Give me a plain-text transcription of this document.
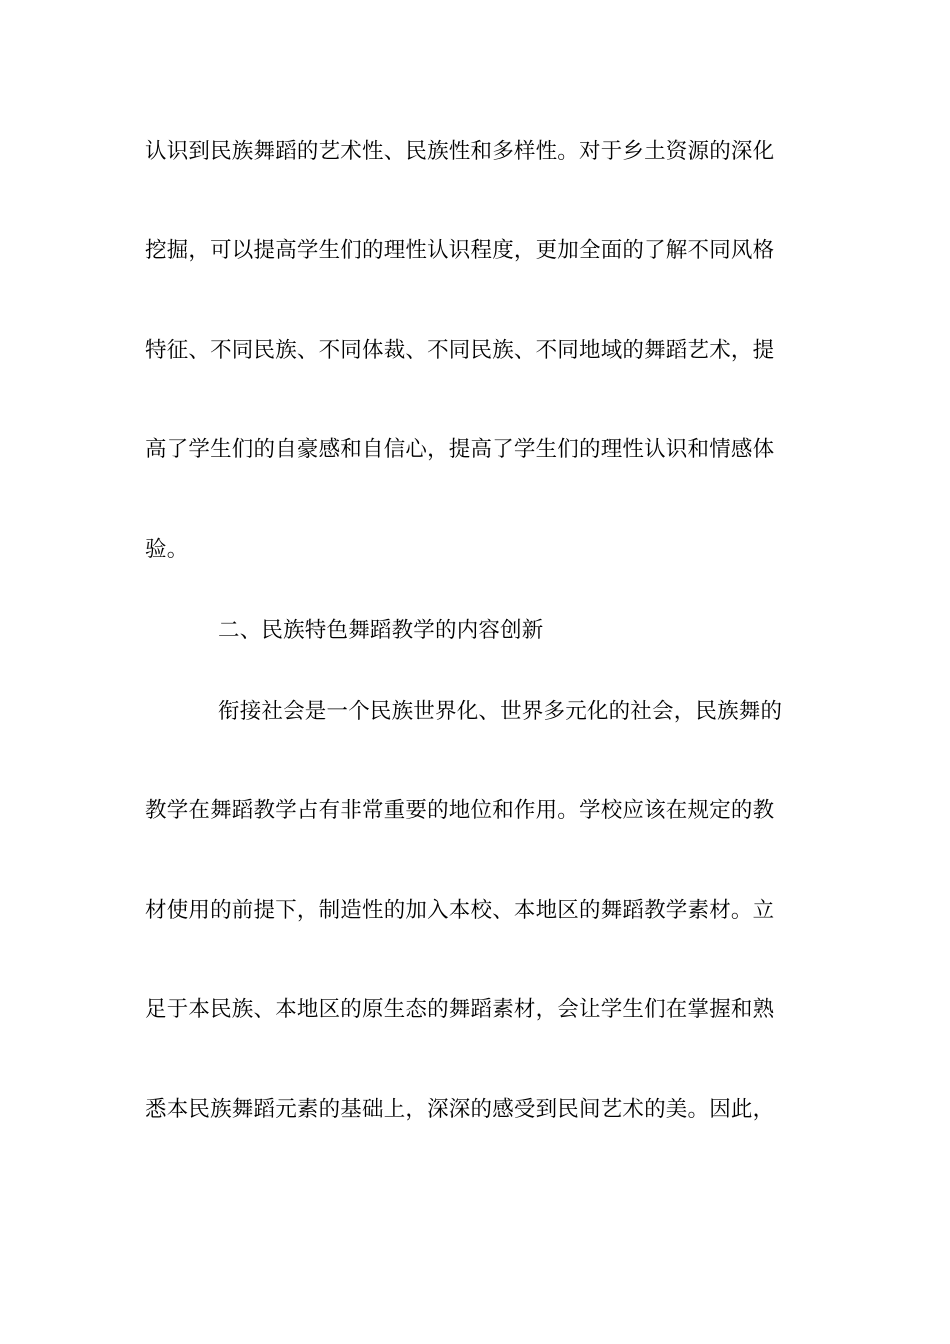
认识到民族舞蹈的艺术性、民族性和多样性。对于乡土资源的深化
挖掘，可以提高学生们的理性认识程度，更加全面的了解不同风格
特征、不同民族、不同体裁、不同民族、不同地域的舞蹈艺术，提
高了学生们的自豪感和自信心，提高了学生们的理性认识和情感体
验。
二、民族特色舞蹈教学的内容创新
衔接社会是一个民族世界化、世界多元化的社会，民族舞的
教学在舞蹈教学占有非常重要的地位和作用。学校应该在规定的教
材使用的前提下，制造性的加入本校、本地区的舞蹈教学素材。立
足于本民族、本地区的原生态的舞蹈素材，会让学生们在掌握和熟
悉本民族舞蹈元素的基础上，深深的感受到民间艺术的美。因此，
